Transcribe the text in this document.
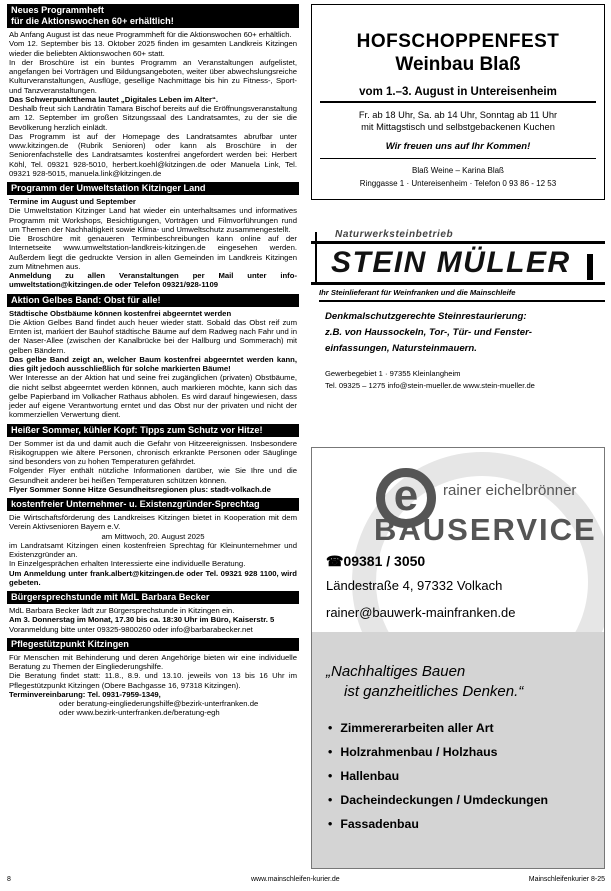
Neues Programmheft
für die Aktionswochen 60+ erhältlich!

Ab Anfang August ist das neue Programmheft für die Aktionswochen 60+ erhältlich.

Vom 12. September bis 13. Oktober 2025 finden im gesamten Landkreis Kitzingen wieder die beliebten Aktionswochen 60+ statt.

In der Broschüre ist ein buntes Programm an Veranstaltungen aufgelistet, angefangen bei Vorträgen und Bildungsangeboten, weiter über abwechslungsreiche Kulturveranstaltungen, Ausflüge, gesellige Nachmittage bis hin zu Fitness-, Sport- und Tanzveranstaltungen.

Das Schwerpunktthema lautet „Digitales Leben im Alter“.

Deshalb freut sich Landrätin Tamara Bischof bereits auf die Eröffnungsveranstaltung am 12. September im großen Sitzungssaal des Landratsamtes, zu der sie die Bevölkerung herzlich einlädt.

Das Programm ist auf der Homepage des Landratsamtes abrufbar unter www.kitzingen.de (Rubrik Senioren) oder kann als Broschüre in der Seniorenfachstelle des Landratsamtes kostenfrei angefordert werden bei: Herbert Köhl, Tel. 09321 928-5010, herbert.koehl@kitzingen.de oder Manuela Link, Tel. 09321 928-5015, manuela.link@kitzingen.de

Programm der Umweltstation Kitzinger Land

Termine im August und September

Die Umweltstation Kitzinger Land hat wieder ein unterhaltsames und informatives Programm mit Workshops, Besichtigungen, Vorträgen und Filmvorführungen rund um Themen der Nachhaltigkeit sowie Klima- und Umweltschutz zusammengestellt.

Die Broschüre mit genaueren Terminbeschreibungen kann online auf der Internetseite www.umweltstation-landkreis-kitzingen.de eingesehen werden. Außerdem liegt die gedruckte Version in allen Gemeinden im Landkreis Kitzingen zum Mitnehmen aus.

Anmeldung zu allen Veranstaltungen per Mail unter info-umweltstation@kitzingen.de oder Telefon 09321/928-1109

Aktion Gelbes Band: Obst für alle!

Städtische Obstbäume können kostenfrei abgeerntet werden

Die Aktion Gelbes Band findet auch heuer wieder statt. Sobald das Obst reif zum Ernten ist, markiert der Bauhof städtische Bäume auf dem Radweg nach Fahr und in der Naser-Allee (zwischen der Kanalbrücke bei der Hallburg und Sommerach) mit gelben Bändern.

Das gelbe Band zeigt an, welcher Baum kostenfrei abgeerntet werden kann, dies gilt jedoch ausschließlich für solche markierten Bäume!

Wer Interesse an der Aktion hat und seine frei zugänglichen (privaten) Obstbäume, die nicht selbst abgeerntet werden können, auch markieren möchte, kann sich das gelbe Papierband im Volkacher Rathaus abholen. Es wird darauf hingewiesen, dass jeder auf eigene Verantwortung erntet und das Obst nur der privaten und nicht der kommerziellen Verwertung dient.

Heißer Sommer, kühler Kopf: Tipps zum Schutz vor Hitze!

Der Sommer ist da und damit auch die Gefahr von Hitzeereignissen. Insbesondere Risikogruppen wie ältere Personen, chronisch erkrankte Personen oder Säuglinge sind besonders von zu hohen Temperaturen gefährdet.

Folgender Flyer enthält nützliche Informationen darüber, wie Sie Ihre und die Gesundheit anderer bei heißen Temperaturen schützen können.

Flyer Sommer Sonne Hitze Gesundheitsregionen plus: stadt-volkach.de

kostenfreier Unternehmer- u. Existenzgründer-Sprechtag

Die Wirtschaftsförderung des Landkreises Kitzingen bietet in Kooperation mit dem Verein Aktivsenioren Bayern e.V.

am Mittwoch, 20. August 2025

im Landratsamt Kitzingen einen kostenfreien Sprechtag für Kleinunternehmer und Existenzgründer an.

In Einzelgesprächen erhalten Interessierte eine individuelle Beratung.

Um Anmeldung unter frank.albert@kitzingen.de oder Tel. 09321 928 1100, wird gebeten.

Bürgersprechstunde mit MdL Barbara Becker

MdL Barbara Becker lädt zur Bürgersprechstunde in Kitzingen ein.

Am 3. Donnerstag im Monat, 17.30 bis ca. 18:30 Uhr im Büro, Kaiserstr. 5

Voranmeldung bitte unter 09325-9800260 oder info@barbarabecker.net

Pflegestützpunkt Kitzingen

Für Menschen mit Behinderung und deren Angehörige bieten wir eine individuelle Beratung zu Themen der Eingliederungshilfe.

Die Beratung findet statt: 11.8., 8.9. und 13.10. jeweils von 13 bis 16 Uhr im Pflegestützpunkt Kitzingen (Obere Bachgasse 16, 97318 Kitzingen).

Terminvereinbarung: Tel. 0931-7959-1349,

oder beratung-eingliederungshilfe@bezirk-unterfranken.de

oder www.bezirk-unterfranken.de/beratung-egh

HOFSCHOPPENFEST
Weinbau Blaß
vom 1.–3. August in Untereisenheim
Fr. ab 18 Uhr, Sa. ab 14 Uhr, Sonntag ab 11 Uhr
mit Mittagstisch und selbstgebackenen Kuchen
Wir freuen uns auf Ihr Kommen!
Blaß Weine – Karina Blaß
Ringgasse 1 · Untereisenheim · Telefon 0 93 86 - 12 53
Naturwerksteinbetrieb
STEIN MÜLLER
Ihr Steinlieferant für Weinfranken und die Mainschleife
Denkmalschutzgerechte Steinrestaurierung:
z.B. von Haussockeln, Tor-, Tür- und Fenster-
einfassungen, Natursteinmauern.
Gewerbegebiet 1 · 97355 Kleinlangheim
Tel. 09325 – 1275 info@stein-mueller.de www.stein-mueller.de
e	rainer eichelbrönner
BAUSERVICE
☎09381 / 3050
Ländestraße 4, 97332 Volkach
rainer@bauwerk-mainfranken.de
„Nachhaltiges Bauen
ist ganzheitliches Denken.“
• Zimmererarbeiten aller Art
• Holzrahmenbau / Holzhaus
• Hallenbau
• Dacheindeckungen / Umdeckungen
• Fassadenbau
8	www.mainschleifen-kurier.de	Mainschleifenkurier 8-25
